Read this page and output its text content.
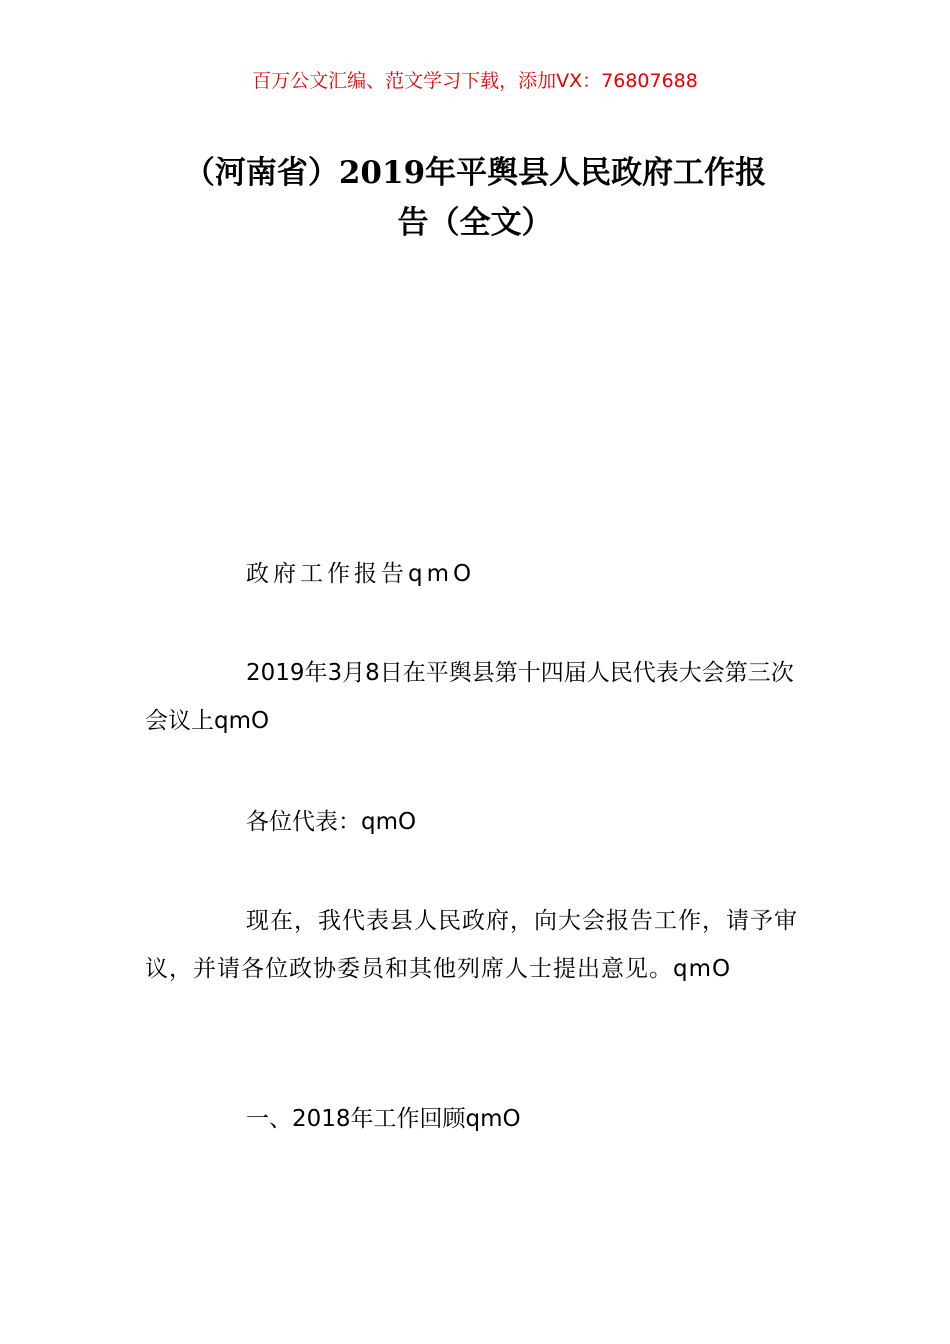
百万公文汇编、范文学习下载，添加VX：76807688
（河南省）2019年平舆县人民政府工作报
告（全文）

政府工作报告qmO

2019年3月8日在平舆县第十四届人民代表大会第三次会议上qmO

各位代表：qmO

现在，我代表县人民政府，向大会报告工作，请予审议，并请各位政协委员和其他列席人士提出意见。qmO

一、2018年工作回顾qmO
